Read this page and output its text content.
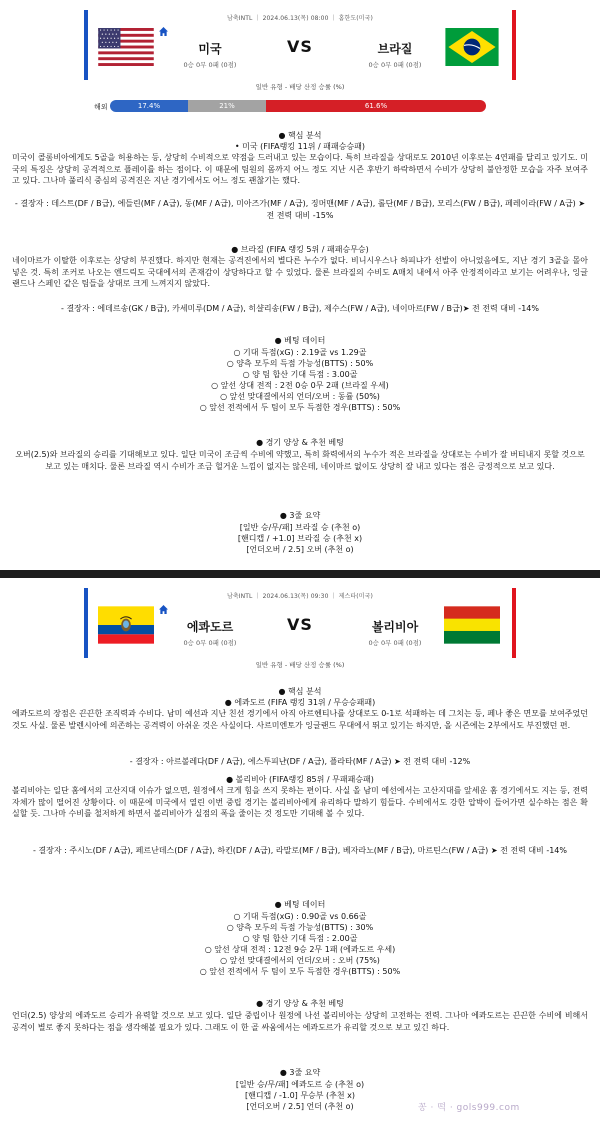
남축INTL ｜ 2024.06.13(목) 08:00 ｜ 홈한도(미국)
미국	VS	브라질
0승 0무 0패 (0점)	0승 0무 0패 (0점)
일반 유형 - 배당 산정 승률 (%)
해외	17.4%	21%	61.6%
● 핵심 분석
• 미국 (FIFA랭킹 11위 / 패패승승패)
미국이 콜롬비아에게도 5골을 허용하는 등, 상당히 수비적으로 약점을 드러내고 있는 모습이다. 특히 브라질을 상대로도 2010년 이후로는 4연패를 달리고 있기도. 미국의 특징은 상당히 공격적으로 플레이를 하는 점이다. 이 때문에 팀원의 몸까지 어느 정도 지난 시즌 후반기 하락하면서 수비가 상당히 불안정한 모습을 자주 보여주고 있다. 그나마 풀리식 중심의 공격진은 지난 경기에서도 어느 정도 괜찮기는 했다.
- 결장자 : 데스트(DF / B급), 에들린(MF / A급), 동(MF / A급), 미아즈가(MF / A급), 징머맨(MF / A급), 롤단(MF / B급), 모리스(FW / B급), 페레이라(FW / A급) ➤ 전 전력 대비 -15%
● 브라질 (FIFA 랭킹 5위 / 패패승무승)
네이마르가 이탈한 이후로는 상당히 부진했다. 하지만 현재는 공격진에서의 별다른 누수가 없다. 비니시우스나 하피냐가 선발이 아니었음에도, 지난 경기 3골을 몰아 넣은 것. 특히 조커로 나오는 엔드릭도 국대에서의 존재감이 상당하다고 할 수 있었다. 물론 브라질의 수비도 A매치 내에서 아주 안정적이라고 보기는 어려우나, 잉글랜드나 스페인 같은 팀들을 상대로 크게 느껴지지 않았다.
- 결장자 : 에데르송(GK / B급), 카세미루(DM / A급), 히샬리송(FW / B급), 제수스(FW / A급), 네이마르(FW / B급)➤ 전 전력 대비 -14%
● 베팅 데이터
○ 기대 득점(xG) : 2.19골 vs 1.29골
○ 양측 모두의 득점 가능성(BTTS) : 50%
○ 양 팀 합산 기대 득점 : 3.00골
○ 앞선 상대 전적 : 2전 0승 0무 2패 (브라질 우세)
○ 앞선 맞대결에서의 언더/오버 : 동률 (50%)
○ 앞선 전적에서 두 팀이 모두 득점한 경우(BTTS) : 50%
● 경기 양상 & 추천 베팅
오버(2.5)와 브라질의 승리를 기대해보고 있다. 일단 미국이 조금씩 수비에 약했고, 특히 화력에서의 누수가 적은 브라질을 상대로는 수비가 잘 버티내지 못할 것으로 보고 있는 매치다. 물론 브라질 역시 수비가 조금 헐거운 느낌이 없지는 않은데, 네이마르 없이도 상당히 잘 내고 있다는 점은 긍정적으로 보고 있다.
● 3줄 요약
[일반 승/무/패] 브라질 승 (추천 o)
[핸디캡 / +1.0] 브라질 승 (추천 x)
[언더오버 / 2.5] 오버 (추천 o)
남축INTL ｜ 2024.06.13(목) 09:30 ｜ 제스타(미국)
에콰도르	VS	볼리비아
0승 0무 0패 (0점)	0승 0무 0패 (0점)
일반 유형 - 배당 산정 승률 (%)
● 핵심 분석
● 에콰도르 (FIFA 랭킹 31위 / 무승승패패)
에콰도르의 장점은 끈끈한 조직력과 수비다. 남미 예선과 지난 친선 경기에서 아직 아르헨티나를 상대로도 0-1로 석패하는 데 그치는 등, 페나 좋은 면모를 보여주었던 것도 사실. 물론 발렌시아에 의존하는 공격력이 아쉬운 것은 사실이다. 사르미엔토가 잉글랜드 무대에서 뛰고 있기는 하지만, 올 시즌에는 2부에서도 부진했던 편.
- 결장자 : 아르볼레다(DF / A급), 에스투피냔(DF / A급), 플라타(MF / A급) ➤ 전 전력 대비 -12%
● 볼리비아 (FIFA랭킹 85위 / 무패패승패)
볼리비아는 일단 홈에서의 고산지대 이슈가 없으면, 원정에서 크게 힘을 쓰지 못하는 편이다. 사실 올 남미 예선에서는 고산지대를 앞세운 홈 경기에서도 지는 등, 전력 자체가 많이 떨어진 상황이다. 이 때문에 미국에서 열린 이번 중립 경기는 볼리비아에게 유리하다 말하기 힘들다. 수비에서도 강한 압박이 들어가면 실수하는 점은 확실할 듯. 그나마 수비를 철저하게 하면서 볼리비아가 실점의 폭을 줄이는 것 정도만 기대해 볼 수 있다.
- 결장자 : 주시노(DF / A급), 페르난데스(DF / A급), 하킨(DF / A급), 라말로(MF / B급), 베자라노(MF / B급), 마르틴스(FW / A급) ➤ 전 전력 대비 -14%
● 베팅 데이터
○ 기대 득점(xG) : 0.90골 vs 0.66골
○ 양측 모두의 득점 가능성(BTTS) : 30%
○ 양 팀 합산 기대 득점 : 2.00골
○ 앞선 상대 전적 : 12전 9승 2무 1패 (에콰도르 우세)
○ 앞선 맞대결에서의 언더/오버 : 오버 (75%)
○ 앞선 전적에서 두 팀이 모두 득점한 경우(BTTS) : 50%
● 경기 양상 & 추천 베팅
언더(2.5) 양상의 에콰도르 승리가 유력할 것으로 보고 있다. 일단 중립이나 원정에 나선 볼리비아는 상당히 고전하는 전력. 그나마 에콰도르는 끈끈한 수비에 비해서 공격이 별로 좋지 못하다는 점을 생각해볼 필요가 있다. 그래도 이 한 골 싸움에서는 에콰도르가 유리할 것으로 보고 있긴 하다.
● 3줄 요약
[일반 승/무/패] 에콰도르 승 (추천 o)
[핸디캡 / -1.0] 무승부 (추천 x)
[언더오버 / 2.5] 언더 (추천 o)	꽁 · 떡 · gols999.com
